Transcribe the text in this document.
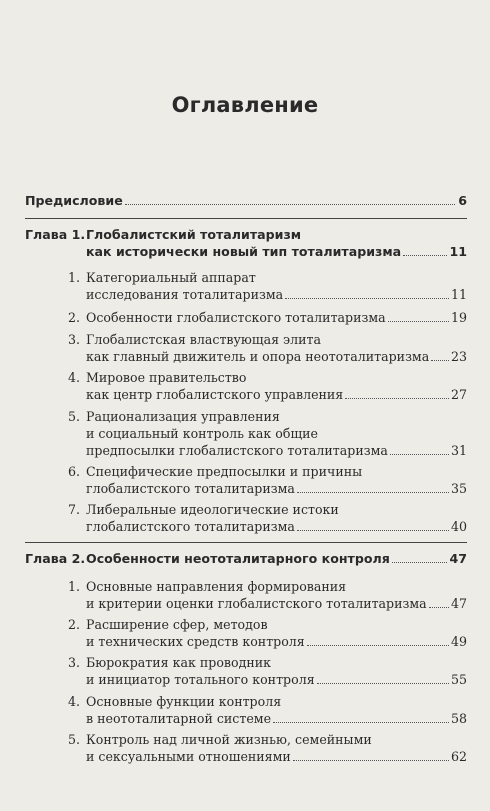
Оглавление
Предисловие	6
Глава 1. Глобалистский тоталитаризм
как исторически новый тип тоталитаризма	11
1. Категориальный аппарат
исследования тоталитаризма	11
2. Особенности глобалистского тоталитаризма	19
3. Глобалистская властвующая элита
как главный движитель и опора неототалитаризма 23
4. Мировое правительство
как центр глобалистского управления	27
5. Рационализация управления
и социальный контроль как общие
предпосылки глобалистского тоталитаризма	31
6. Специфические предпосылки и причины
глобалистского тоталитаризма	35
7. Либеральные идеологические истоки
глобалистского тоталитаризма	40
Глава 2. Особенности неототалитарного контроля	47
1. Основные направления формирования
и критерии оценки глобалистского тоталитаризма 47
2. Расширение сфер, методов
и технических средств контроля	49
3. Бюрократия как проводник
и инициатор тотального контроля	55
4. Основные функции контроля
в неототалитарной системе	58
5. Контроль над личной жизнью, семейными
и сексуальными отношениями	62
